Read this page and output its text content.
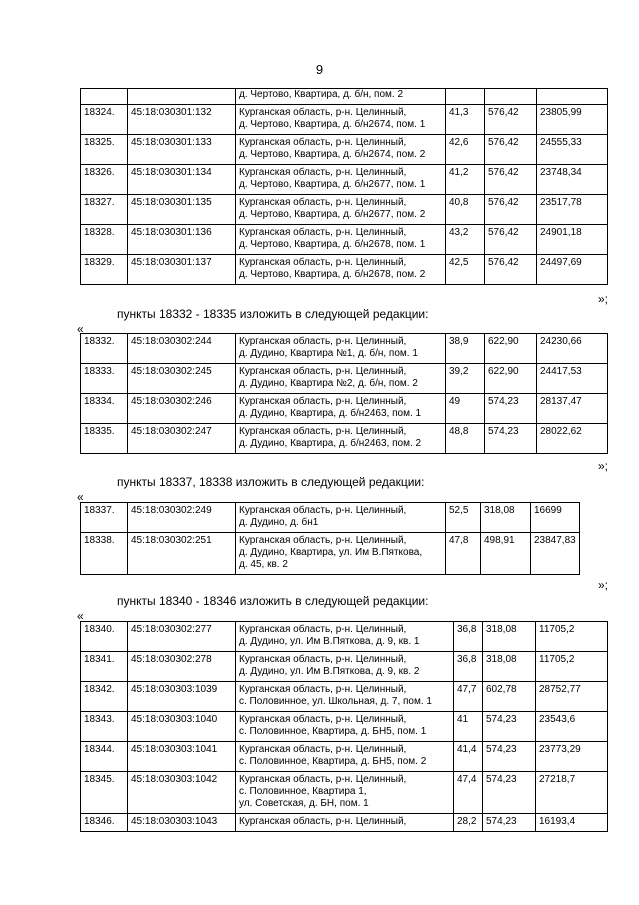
9

		д. Чертово, Квартира, д. б/н, пом. 2			

18324.	45:18:030301:132	Курганская область, р-н. Целинный,
д. Чертово, Квартира, д. б/н2674, пом. 1	41,3	576,42	23805,99
18325.	45:18:030301:133	Курганская область, р-н. Целинный,
д. Чертово, Квартира, д. б/н2674, пом. 2	42,6	576,42	24555,33
18326.	45:18:030301:134	Курганская область, р-н. Целинный,
д. Чертово, Квартира, д. б/н2677, пом. 1	41,2	576,42	23748,34
18327.	45:18:030301:135	Курганская область, р-н. Целинный,
д. Чертово, Квартира, д. б/н2677, пом. 2	40,8	576,42	23517,78
18328.	45:18:030301:136	Курганская область, р-н. Целинный,
д. Чертово, Квартира, д. б/н2678, пом. 1	43,2	576,42	24901,18
18329.	45:18:030301:137	Курганская область, р-н. Целинный,
д. Чертово, Квартира, д. б/н2678, пом. 2	42,5	576,42	24497,69
»;
пункты 18332 - 18335 изложить в следующей редакции:
«
18332.	45:18:030302:244	Курганская область, р-н. Целинный,
д. Дудино, Квартира №1, д. б/н, пом. 1	38,9	622,90	24230,66
18333.	45:18:030302:245	Курганская область, р-н. Целинный,
д. Дудино, Квартира №2, д. б/н, пом. 2	39,2	622,90	24417,53
18334.	45:18:030302:246	Курганская область, р-н. Целинный,
д. Дудино, Квартира, д. б/н2463, пом. 1	49	574,23	28137,47
18335.	45:18:030302:247	Курганская область, р-н. Целинный,
д. Дудино, Квартира, д. б/н2463, пом. 2	48,8	574,23	28022,62
»;
пункты 18337, 18338 изложить в следующей редакции:
«
18337.	45:18:030302:249	Курганская область, р-н. Целинный,
д. Дудино, д. бн1	52,5	318,08	16699
18338.	45:18:030302:251	Курганская область, р-н. Целинный,
д. Дудино, Квартира, ул. Им В.Пяткова,
д. 45, кв. 2	47,8	498,91	23847,83
»;
пункты 18340 - 18346 изложить в следующей редакции:
«
18340.	45:18:030302:277	Курганская область, р-н. Целинный,
д. Дудино, ул. Им В.Пяткова, д. 9, кв. 1	36,8	318,08	11705,2
18341.	45:18:030302:278	Курганская область, р-н. Целинный,
д. Дудино, ул. Им В.Пяткова, д. 9, кв. 2	36,8	318,08	11705,2
18342.	45:18:030303:1039	Курганская область, р-н. Целинный,
с. Половинное, ул. Школьная, д. 7, пом. 1	47,7	602,78	28752,77
18343.	45:18:030303:1040	Курганская область, р-н. Целинный,
с. Половинное, Квартира, д. БН5, пом. 1	41	574,23	23543,6
18344.	45:18:030303:1041	Курганская область, р-н. Целинный,
с. Половинное, Квартира, д. БН5, пом. 2	41,4	574,23	23773,29
18345.	45:18:030303:1042	Курганская область, р-н. Целинный,
с. Половинное, Квартира 1,
ул. Советская, д. БН, пом. 1	47,4	574,23	27218,7
18346.	45:18:030303:1043	Курганская область, р-н. Целинный,	28,2	574,23	16193,4
